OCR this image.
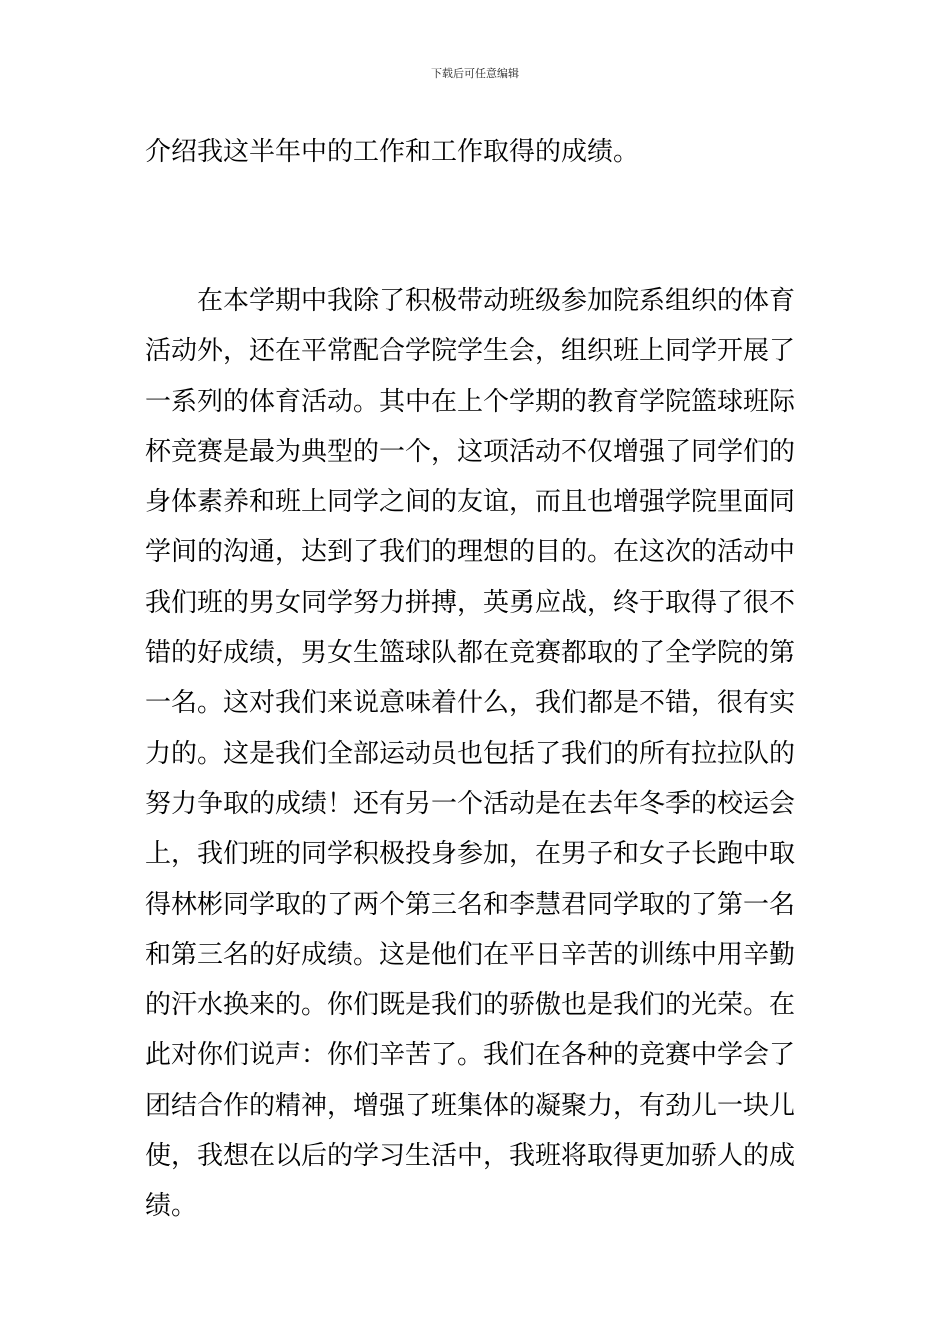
下载后可任意编辑
介绍我这半年中的工作和工作取得的成绩。
在本学期中我除了积极带动班级参加院系组织的体育
活动外，还在平常配合学院学生会，组织班上同学开展了
一系列的体育活动。其中在上个学期的教育学院篮球班际
杯竞赛是最为典型的一个，这项活动不仅增强了同学们的
身体素养和班上同学之间的友谊，而且也增强学院里面同
学间的沟通，达到了我们的理想的目的。在这次的活动中
我们班的男女同学努力拼搏，英勇应战，终于取得了很不
错的好成绩，男女生篮球队都在竞赛都取的了全学院的第
一名。这对我们来说意味着什么，我们都是不错，很有实
力的。这是我们全部运动员也包括了我们的所有拉拉队的
努力争取的成绩！还有另一个活动是在去年冬季的校运会
上，我们班的同学积极投身参加，在男子和女子长跑中取
得林彬同学取的了两个第三名和李慧君同学取的了第一名
和第三名的好成绩。这是他们在平日辛苦的训练中用辛勤
的汗水换来的。你们既是我们的骄傲也是我们的光荣。在
此对你们说声：你们辛苦了。我们在各种的竞赛中学会了
团结合作的精神，增强了班集体的凝聚力，有劲儿一块儿
使，我想在以后的学习生活中，我班将取得更加骄人的成
绩。
